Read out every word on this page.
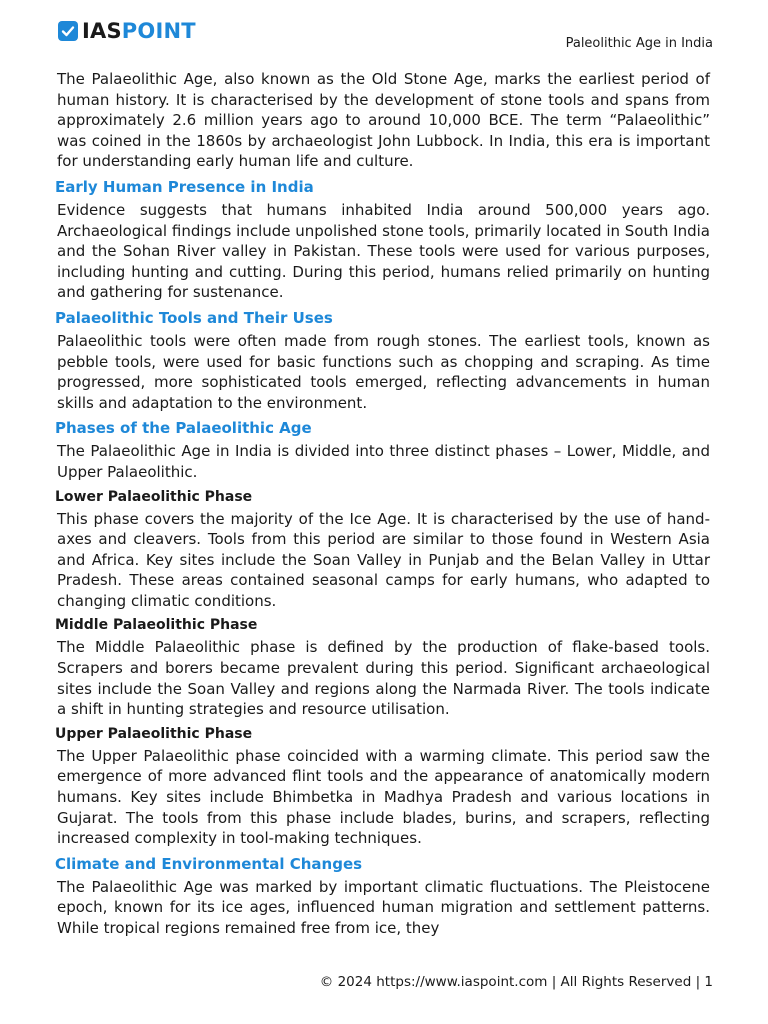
IASPOINT
Paleolithic Age in India

The Palaeolithic Age, also known as the Old Stone Age, marks the earliest period of human history. It is characterised by the development of stone tools and spans from approximately 2.6 million years ago to around 10,000 BCE. The term “Palaeolithic” was coined in the 1860s by archaeologist John Lubbock. In India, this era is important for understanding early human life and culture.

Early Human Presence in India

Evidence suggests that humans inhabited India around 500,000 years ago. Archaeological findings include unpolished stone tools, primarily located in South India and the Sohan River valley in Pakistan. These tools were used for various purposes, including hunting and cutting. During this period, humans relied primarily on hunting and gathering for sustenance.

Palaeolithic Tools and Their Uses

Palaeolithic tools were often made from rough stones. The earliest tools, known as pebble tools, were used for basic functions such as chopping and scraping. As time progressed, more sophisticated tools emerged, reflecting advancements in human skills and adaptation to the environment.

Phases of the Palaeolithic Age

The Palaeolithic Age in India is divided into three distinct phases – Lower, Middle, and Upper Palaeolithic.

Lower Palaeolithic Phase

This phase covers the majority of the Ice Age. It is characterised by the use of hand-axes and cleavers. Tools from this period are similar to those found in Western Asia and Africa. Key sites include the Soan Valley in Punjab and the Belan Valley in Uttar Pradesh. These areas contained seasonal camps for early humans, who adapted to changing climatic conditions.

Middle Palaeolithic Phase

The Middle Palaeolithic phase is defined by the production of flake-based tools. Scrapers and borers became prevalent during this period. Significant archaeological sites include the Soan Valley and regions along the Narmada River. The tools indicate a shift in hunting strategies and resource utilisation.

Upper Palaeolithic Phase

The Upper Palaeolithic phase coincided with a warming climate. This period saw the emergence of more advanced flint tools and the appearance of anatomically modern humans. Key sites include Bhimbetka in Madhya Pradesh and various locations in Gujarat. The tools from this phase include blades, burins, and scrapers, reflecting increased complexity in tool-making techniques.

Climate and Environmental Changes

The Palaeolithic Age was marked by important climatic fluctuations. The Pleistocene epoch, known for its ice ages, influenced human migration and settlement patterns. While tropical regions remained free from ice, they

© 2024 https://www.iaspoint.com | All Rights Reserved | 1
